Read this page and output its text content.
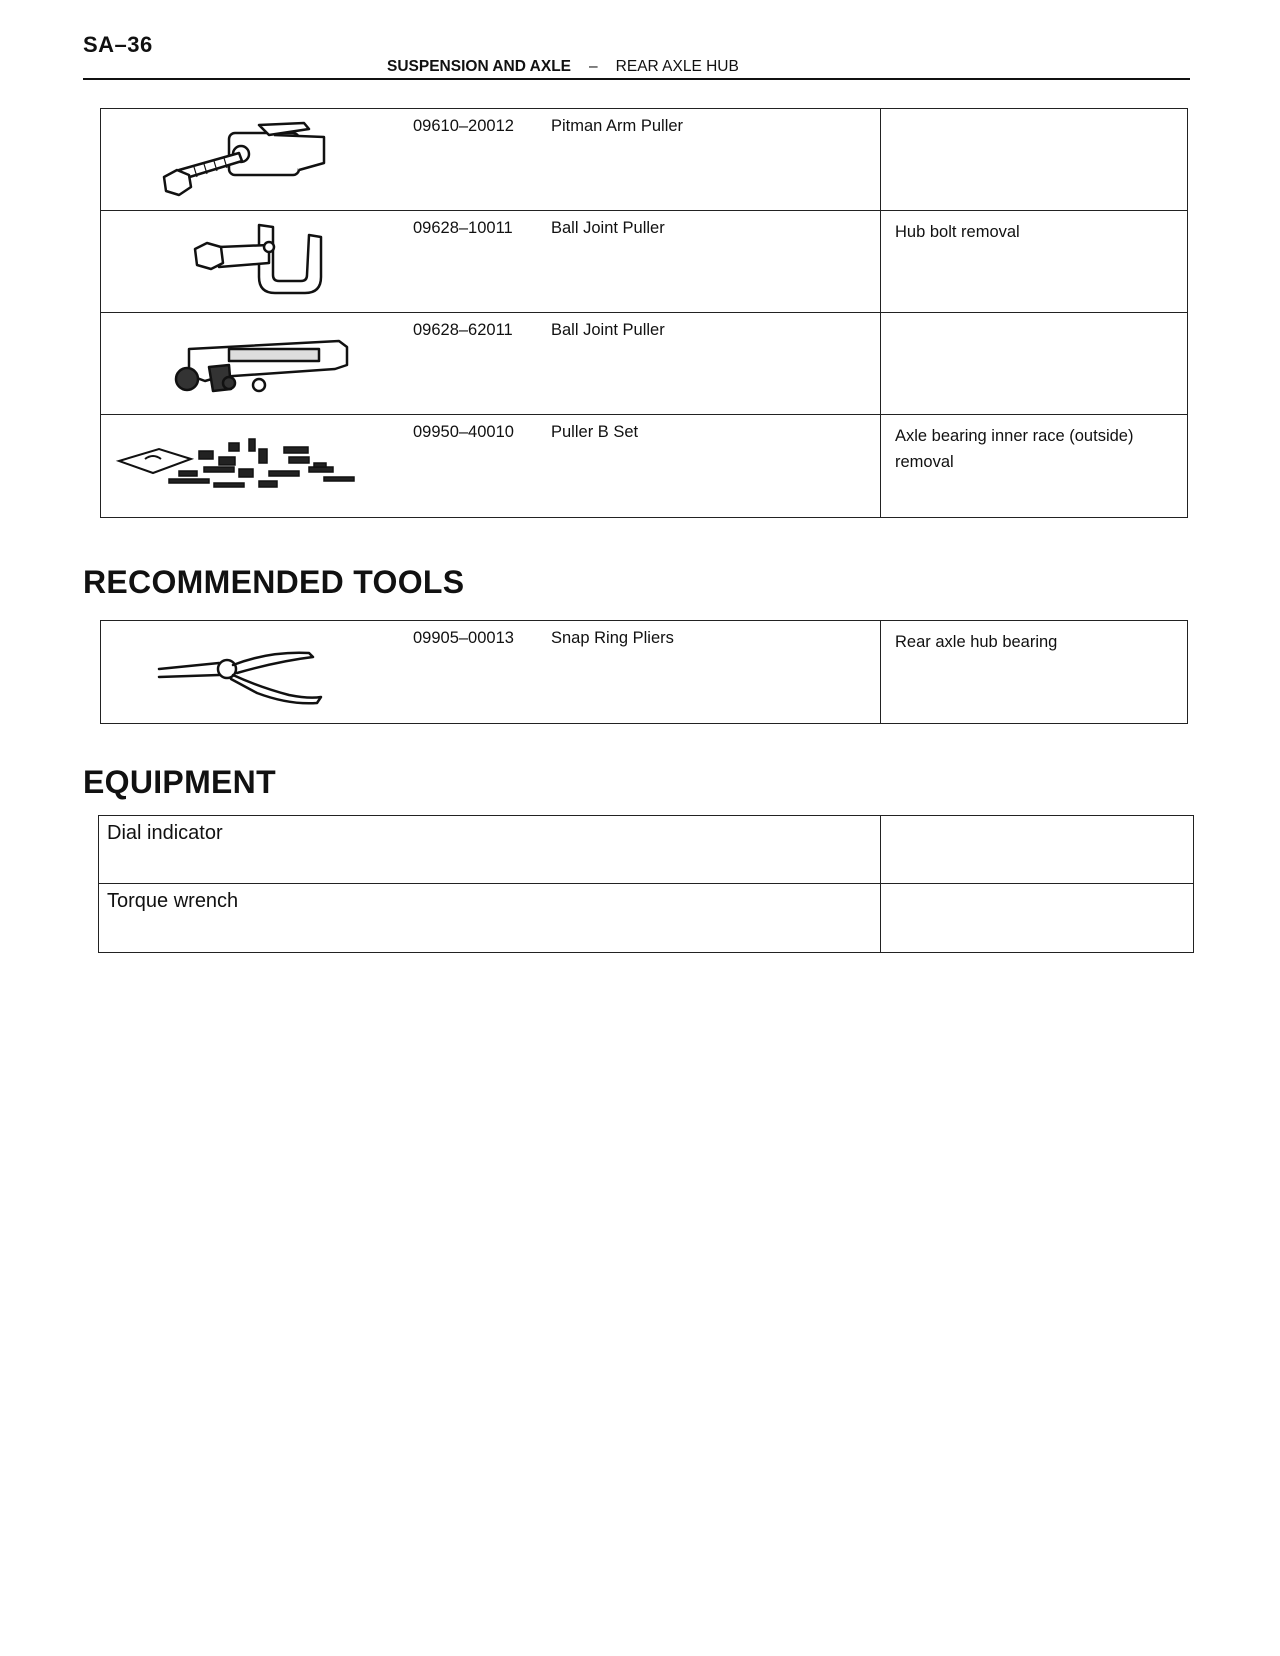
SA–36
SUSPENSION AND AXLE – REAR AXLE HUB
09610–20012 Pitman Arm Puller
09628–10011 Ball Joint Puller	Hub bolt removal
09628–62011 Ball Joint Puller
09950–40010 Puller B Set	Axle bearing inner race (outside) removal
RECOMMENDED TOOLS
09905–00013 Snap Ring Pliers	Rear axle hub bearing
EQUIPMENT
Dial indicator
Torque wrench
